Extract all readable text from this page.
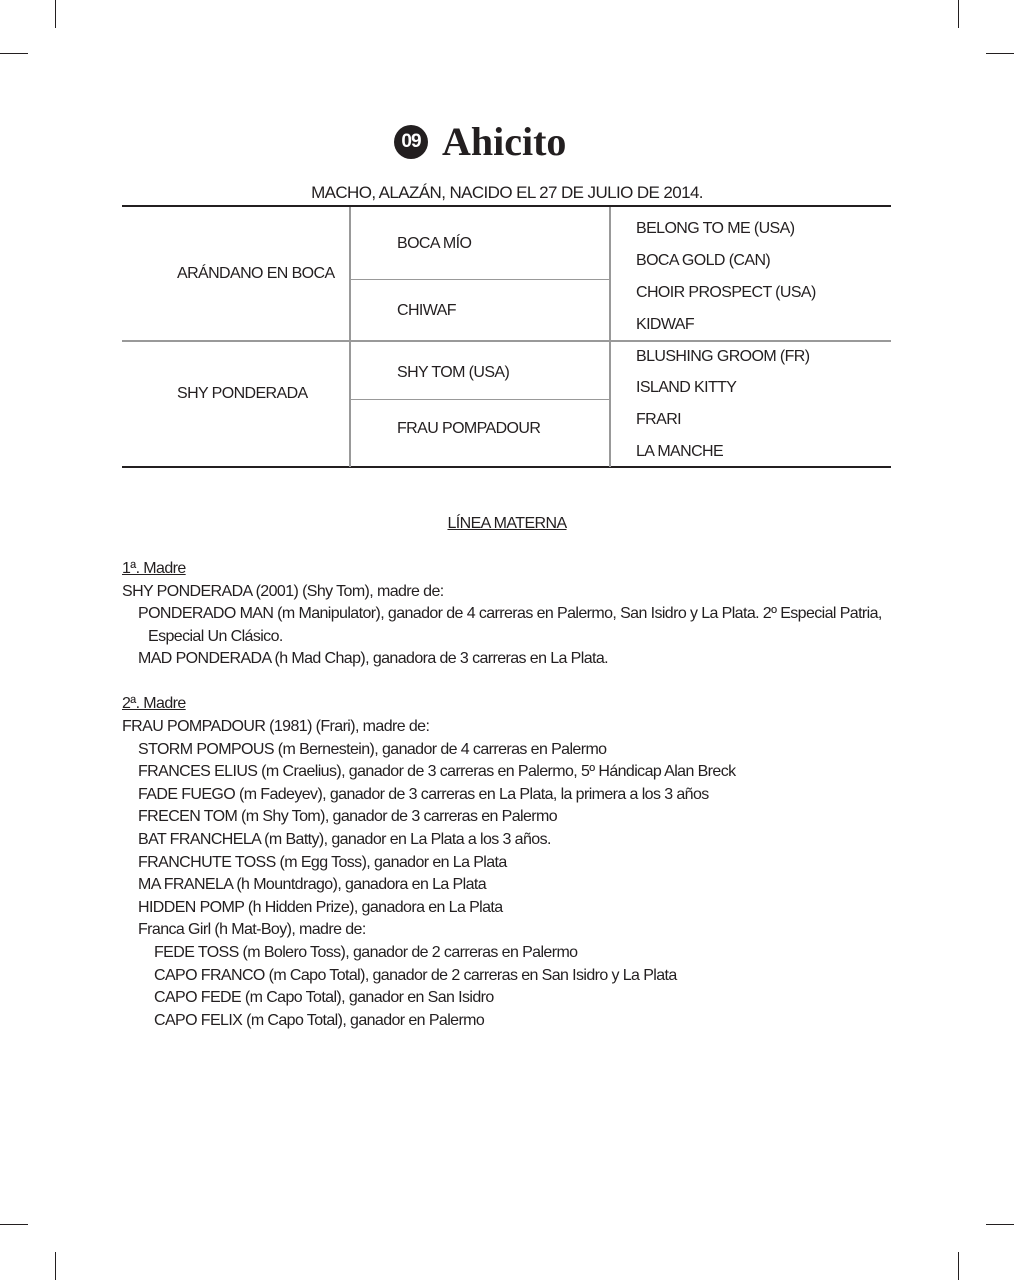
09 Ahicito
MACHO, ALAZÁN, NACIDO EL 27 DE JULIO DE 2014.
ARÁNDANO EN BOCA
SHY PONDERADA
BOCA MÍO
CHIWAF
SHY TOM (USA)
FRAU POMPADOUR
BELONG TO ME (USA)
BOCA GOLD (CAN)
CHOIR PROSPECT (USA)
KIDWAF
BLUSHING GROOM (FR)
ISLAND KITTY
FRARI
LA MANCHE
LÍNEA MATERNA
1ª. Madre
SHY PONDERADA (2001) (Shy Tom), madre de:
PONDERADO MAN (m Manipulator), ganador de 4 carreras en Palermo, San Isidro y La Plata. 2º Especial Patria,
Especial Un Clásico.
MAD PONDERADA (h Mad Chap), ganadora de 3 carreras en La Plata.
2ª. Madre
FRAU POMPADOUR (1981) (Frari), madre de:
STORM POMPOUS (m Bernestein), ganador de 4 carreras en Palermo
FRANCES ELIUS (m Craelius), ganador de 3 carreras en Palermo, 5º Hándicap Alan Breck
FADE FUEGO (m Fadeyev), ganador de 3 carreras en La Plata, la primera a los 3 años
FRECEN TOM (m Shy Tom), ganador de 3 carreras en Palermo
BAT FRANCHELA (m Batty), ganador en La Plata a los 3 años.
FRANCHUTE TOSS (m Egg Toss), ganador en La Plata
MA FRANELA (h Mountdrago), ganadora en La Plata
HIDDEN POMP (h Hidden Prize), ganadora en La Plata
Franca Girl (h Mat-Boy), madre de:
FEDE TOSS (m Bolero Toss), ganador de 2 carreras en Palermo
CAPO FRANCO (m Capo Total), ganador de 2 carreras en San Isidro y La Plata
CAPO FEDE (m Capo Total), ganador en San Isidro
CAPO FELIX (m Capo Total), ganador en Palermo
